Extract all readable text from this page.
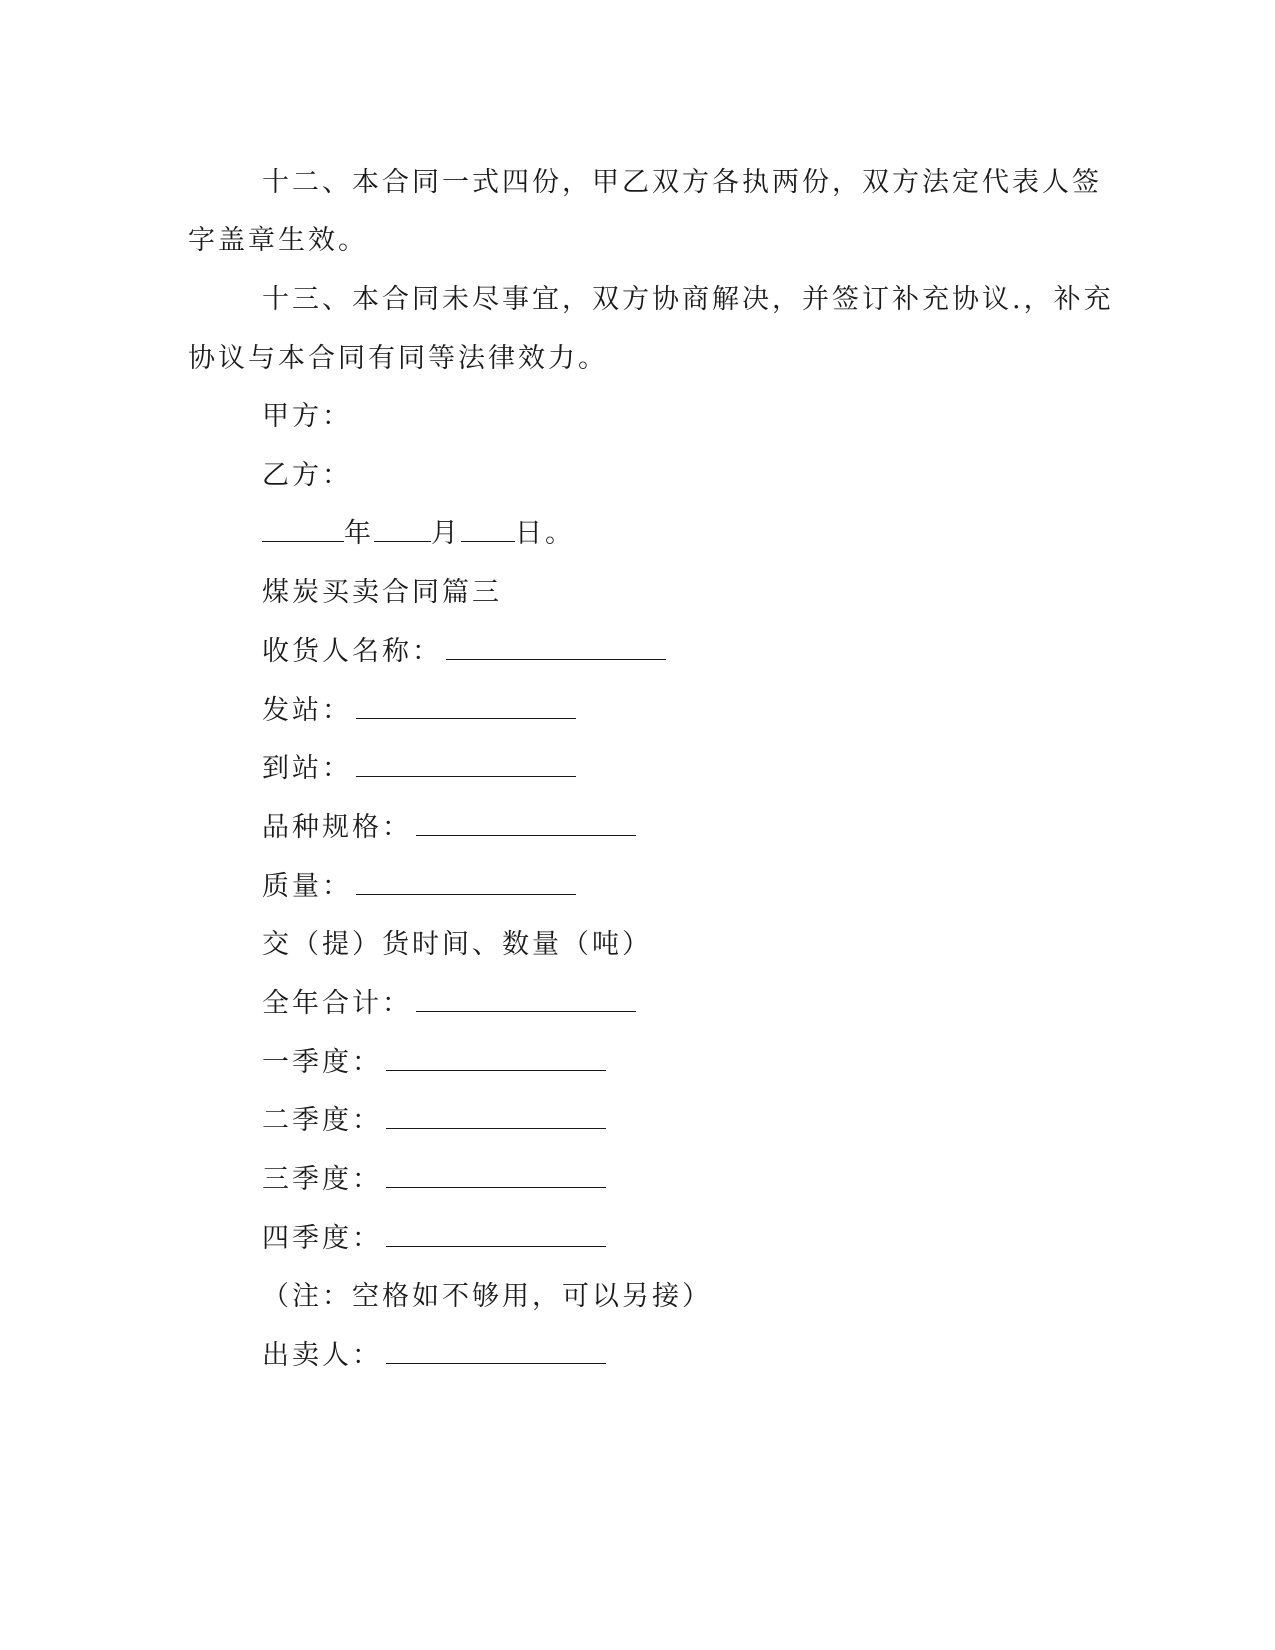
十二、本合同一式四份，甲乙双方各执两份，双方法定代表人签
字盖章生效。
十三、本合同未尽事宜，双方协商解决，并签订补充协议.，补充
协议与本合同有同等法律效力。
甲方：
乙方：
年 月 日。
煤炭买卖合同篇三
收货人名称：
发站：
到站：
品种规格：
质量：
交（提）货时间、数量（吨）
全年合计：
一季度：
二季度：
三季度：
四季度：
（注：空格如不够用，可以另接）
出卖人：
